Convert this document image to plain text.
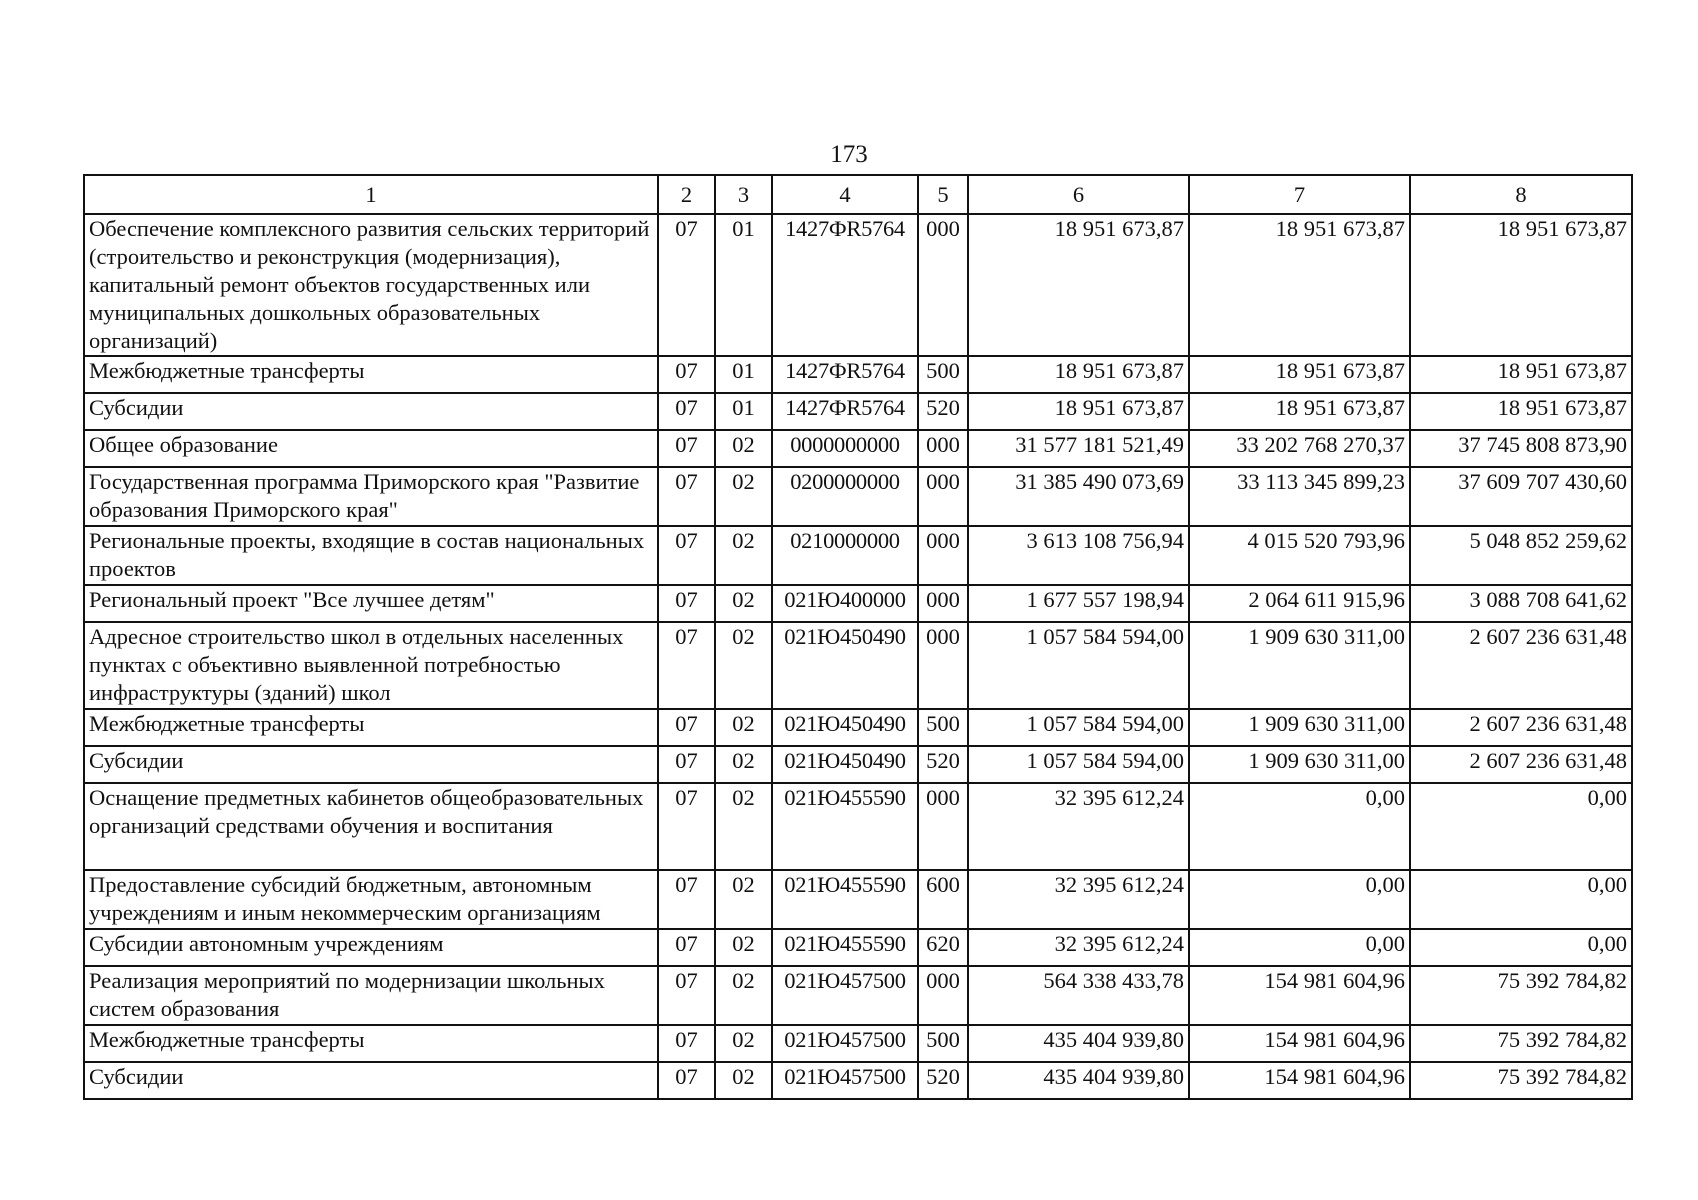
173
1	2	3	4	5	6	7	8
Обеспечение комплексного развития сельских территорий (строительство и реконструкция (модернизация), капитальный ремонт объектов государственных или муниципальных дошкольных образовательных организаций)	07	01	1427ФR5764	000	18 951 673,87	18 951 673,87	18 951 673,87
Межбюджетные трансферты	07	01	1427ФR5764	500	18 951 673,87	18 951 673,87	18 951 673,87
Субсидии	07	01	1427ФR5764	520	18 951 673,87	18 951 673,87	18 951 673,87
Общее образование	07	02	0000000000	000	31 577 181 521,49	33 202 768 270,37	37 745 808 873,90
Государственная программа Приморского края "Развитие образования Приморского края"	07	02	0200000000	000	31 385 490 073,69	33 113 345 899,23	37 609 707 430,60
Региональные проекты, входящие в состав национальных проектов	07	02	0210000000	000	3 613 108 756,94	4 015 520 793,96	5 048 852 259,62
Региональный проект "Все лучшее детям"	07	02	021Ю400000	000	1 677 557 198,94	2 064 611 915,96	3 088 708 641,62
Адресное строительство школ в отдельных населенных пунктах с объективно выявленной потребностью инфраструктуры (зданий) школ	07	02	021Ю450490	000	1 057 584 594,00	1 909 630 311,00	2 607 236 631,48
Межбюджетные трансферты	07	02	021Ю450490	500	1 057 584 594,00	1 909 630 311,00	2 607 236 631,48
Субсидии	07	02	021Ю450490	520	1 057 584 594,00	1 909 630 311,00	2 607 236 631,48
Оснащение предметных кабинетов общеобразовательных организаций средствами обучения и воспитания	07	02	021Ю455590	000	32 395 612,24	0,00	0,00
Предоставление субсидий бюджетным, автономным учреждениям и иным некоммерческим организациям	07	02	021Ю455590	600	32 395 612,24	0,00	0,00
Субсидии автономным учреждениям	07	02	021Ю455590	620	32 395 612,24	0,00	0,00
Реализация мероприятий по модернизации школьных систем образования	07	02	021Ю457500	000	564 338 433,78	154 981 604,96	75 392 784,82
Межбюджетные трансферты	07	02	021Ю457500	500	435 404 939,80	154 981 604,96	75 392 784,82
Субсидии	07	02	021Ю457500	520	435 404 939,80	154 981 604,96	75 392 784,82
